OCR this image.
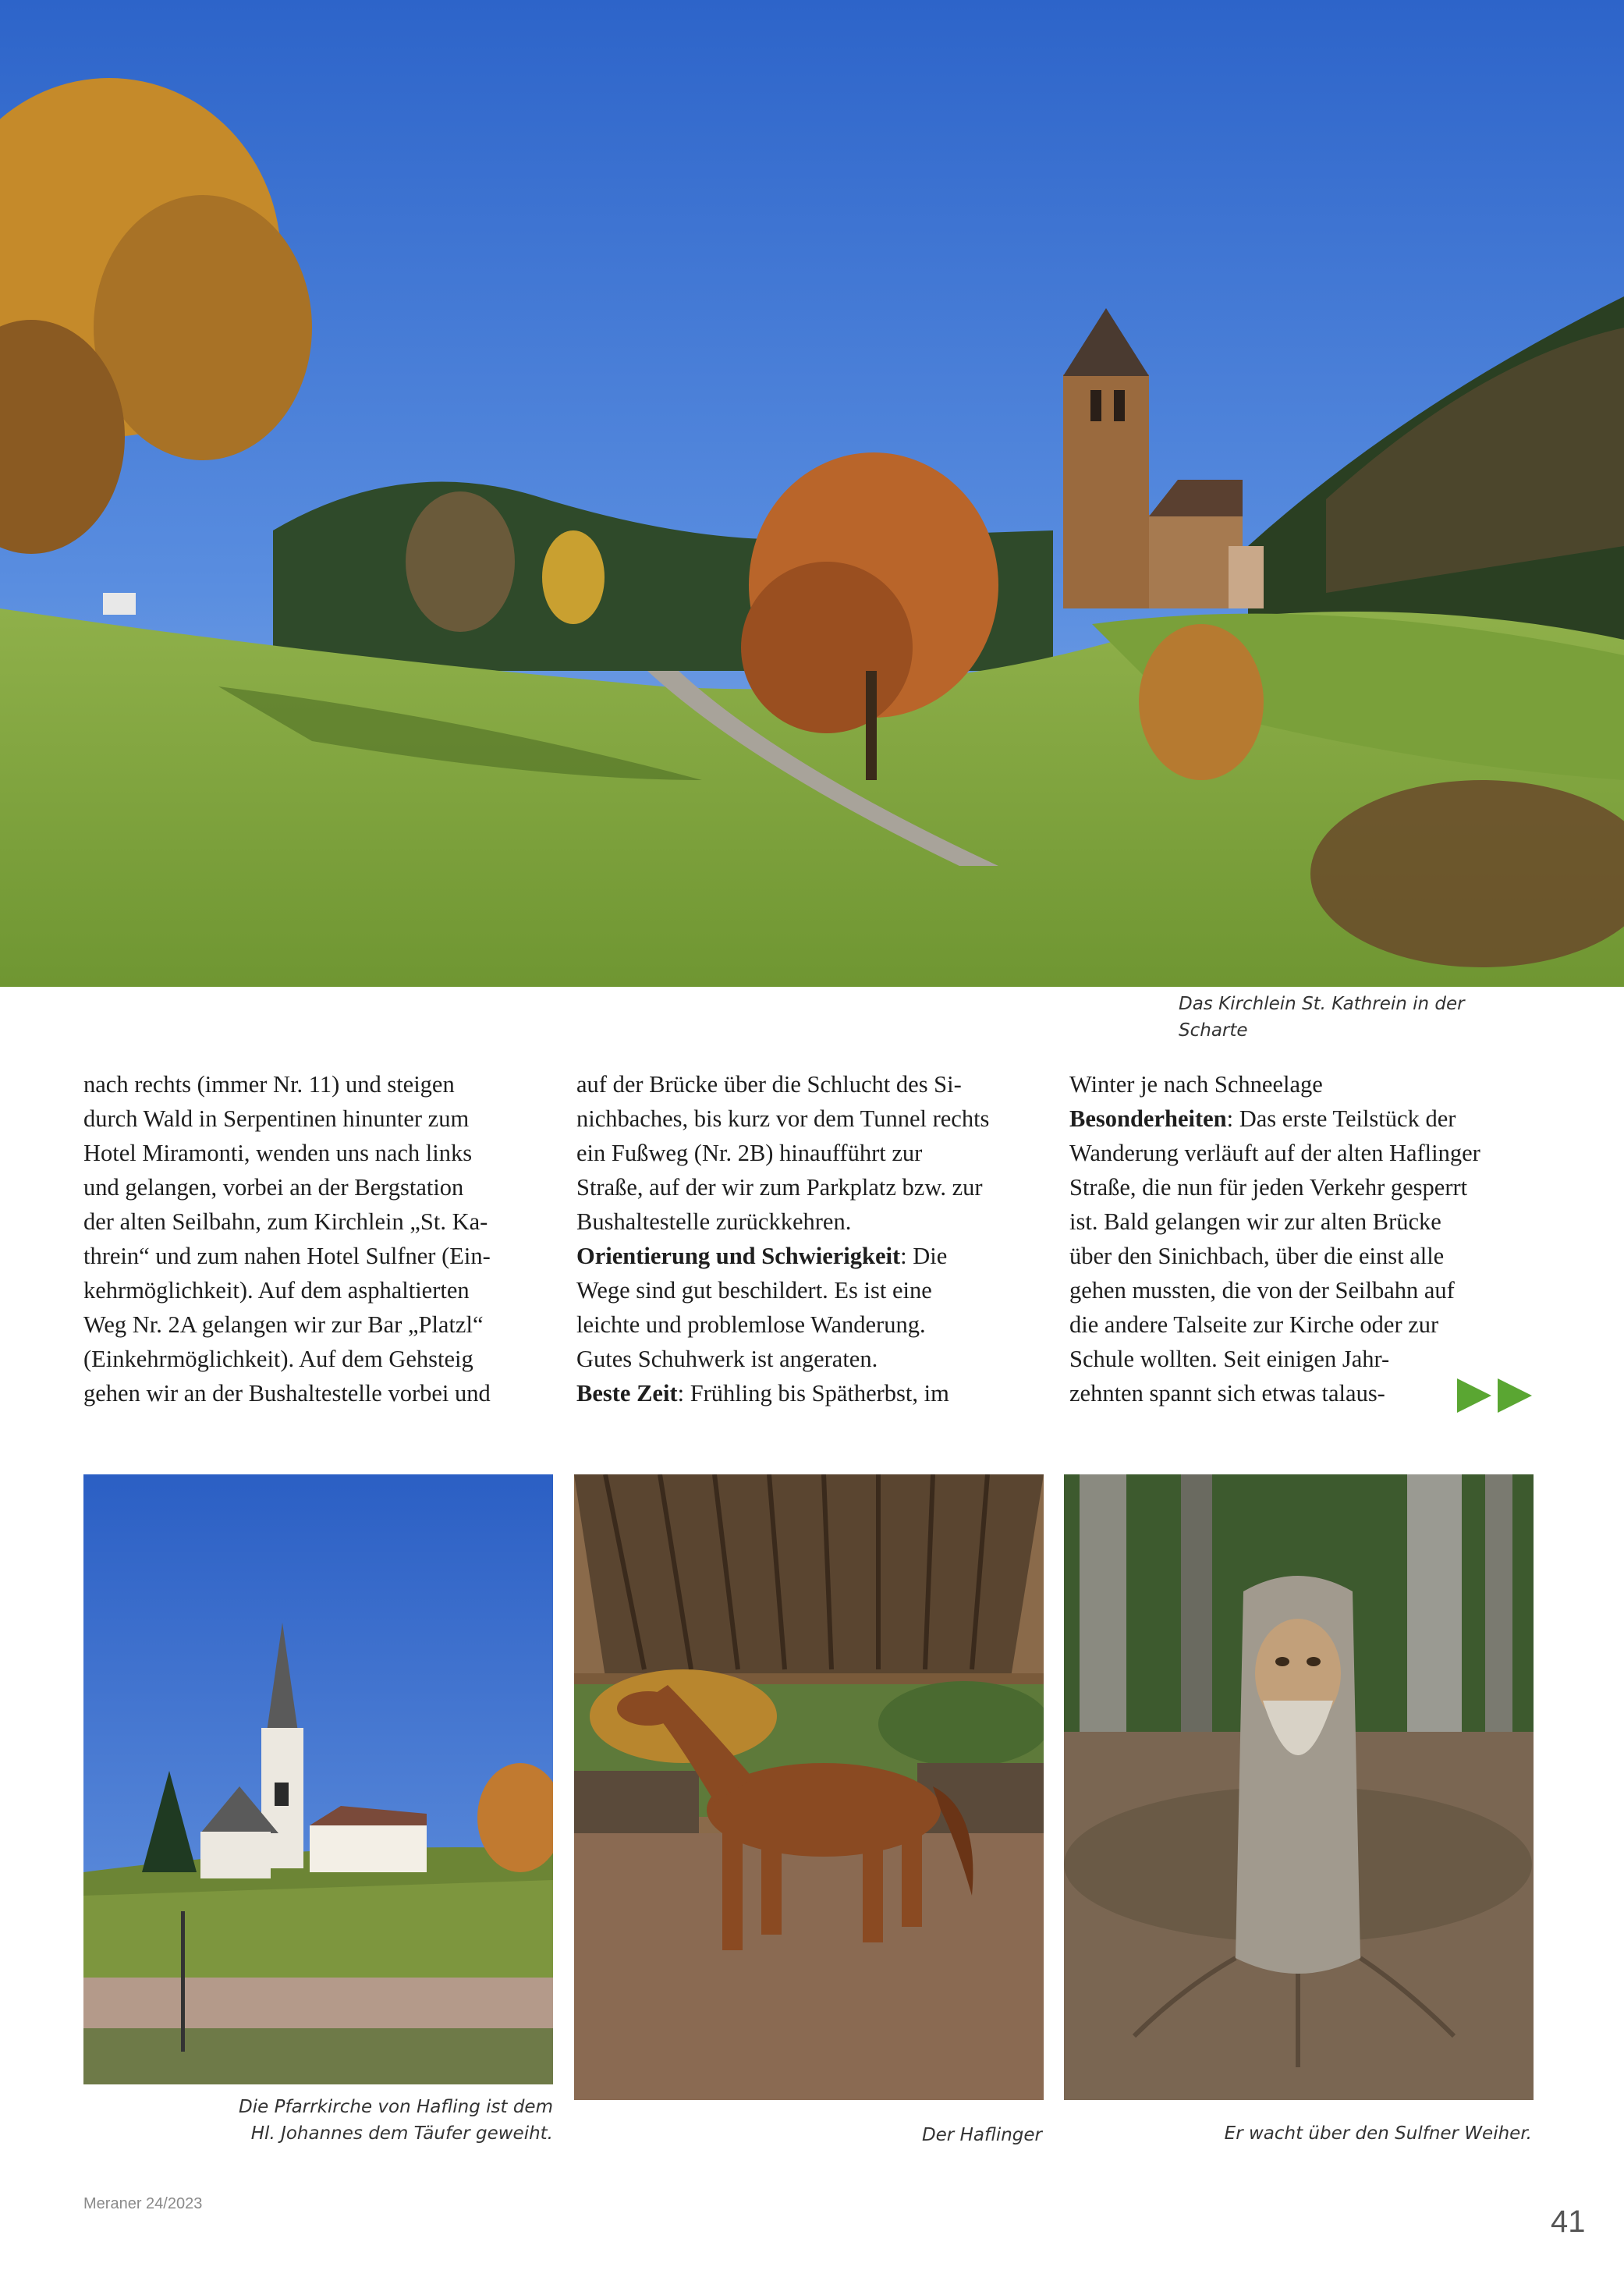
Das Kirchlein St. Kathrein in der Scharte

nach rechts (immer Nr. 11) und steigen

durch Wald in Serpentinen hinunter zum

Hotel Miramonti, wenden uns nach links

und gelangen, vorbei an der Bergstation

der alten Seilbahn, zum Kirchlein „St. Ka-

threin“ und zum nahen Hotel Sulfner (Ein-

kehrmöglichkeit). Auf dem asphaltierten

Weg Nr. 2A gelangen wir zur Bar „Platzl“

(Einkehrmöglichkeit). Auf dem Gehsteig

gehen wir an der Bushaltestelle vorbei und

auf der Brücke über die Schlucht des Si-

nichbaches, bis kurz vor dem Tunnel rechts

ein Fußweg (Nr. 2B) hinaufführt zur

Straße, auf der wir zum Parkplatz bzw. zur

Bushaltestelle zurückkehren.

Orientierung und Schwierigkeit: Die

Wege sind gut beschildert. Es ist eine

leichte und problemlose Wanderung.

Gutes Schuhwerk ist angeraten.

Beste Zeit: Frühling bis Spätherbst, im

Winter je nach Schneelage

Besonderheiten: Das erste Teilstück der

Wanderung verläuft auf der alten Haflinger

Straße, die nun für jeden Verkehr gesperrt

ist. Bald gelangen wir zur alten Brücke

über den Sinichbach, über die einst alle

gehen mussten, die von der Seilbahn auf

die andere Talseite zur Kirche oder zur

Schule wollten. Seit einigen Jahr-

zehnten spannt sich etwas talaus-

Die Pfarrkirche von Hafling ist dem
Hl. Johannes dem Täufer geweiht.	Der Haflinger	Er wacht über den Sulfner Weiher.
Meraner 24/2023
41
